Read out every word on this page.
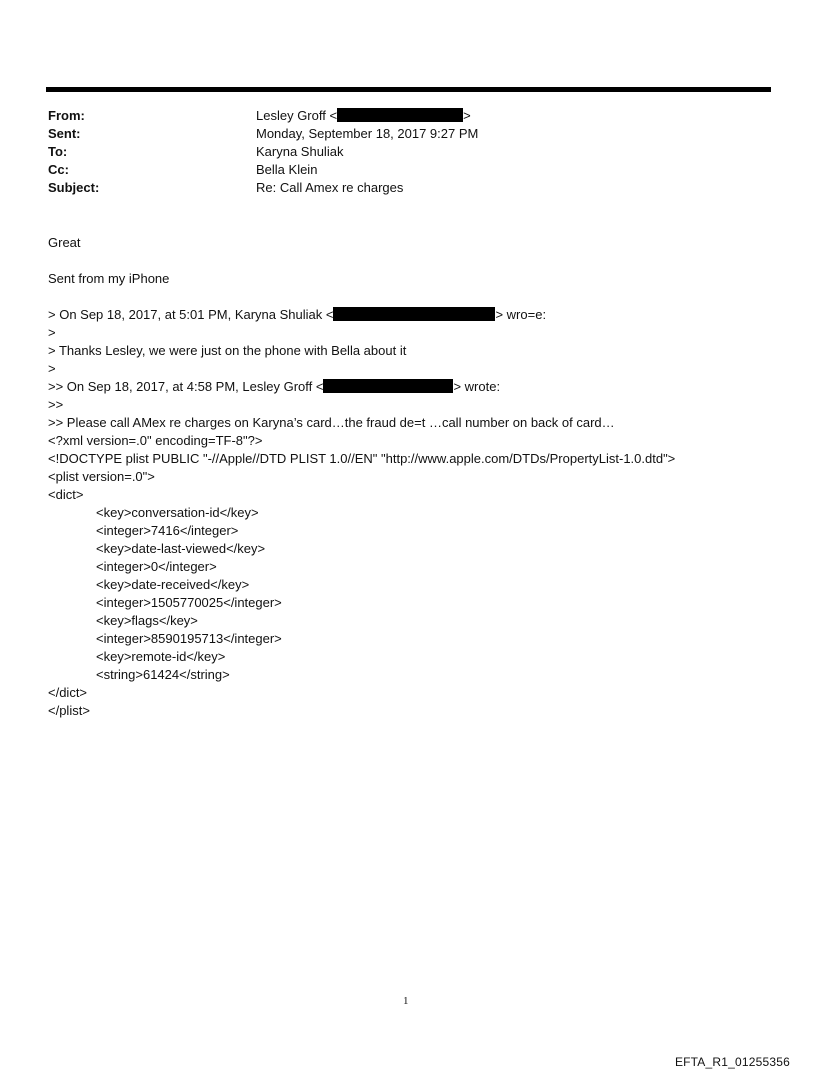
From:	Lesley Groff <	>
Sent:	Monday, September 18, 2017 9:27 PM
To:	Karyna Shuliak
Cc:	Bella Klein
Subject:	Re: Call Amex re charges
Great
Sent from my iPhone
> On Sep 18, 2017, at 5:01 PM, Karyna Shuliak <	> wro=e:
>
> Thanks Lesley, we were just on the phone with Bella about it
>
>> On Sep 18, 2017, at 4:58 PM, Lesley Groff <	> wrote:
>>
>> Please call AMex re charges on Karyna’s card…the fraud de=t …call number on back of card…
<?xml version=.0" encoding=TF-8"?>
<!DOCTYPE plist PUBLIC "-//Apple//DTD PLIST 1.0//EN" "http://www.apple.com/DTDs/PropertyList-1.0.dtd">
<plist version=.0">
<dict>
<key>conversation-id</key>
<integer>7416</integer>
<key>date-last-viewed</key>
<integer>0</integer>
<key>date-received</key>
<integer>1505770025</integer>
<key>flags</key>
<integer>8590195713</integer>
<key>remote-id</key>
<string>61424</string>
</dict>
</plist>
1
EFTA_R1_01255356
